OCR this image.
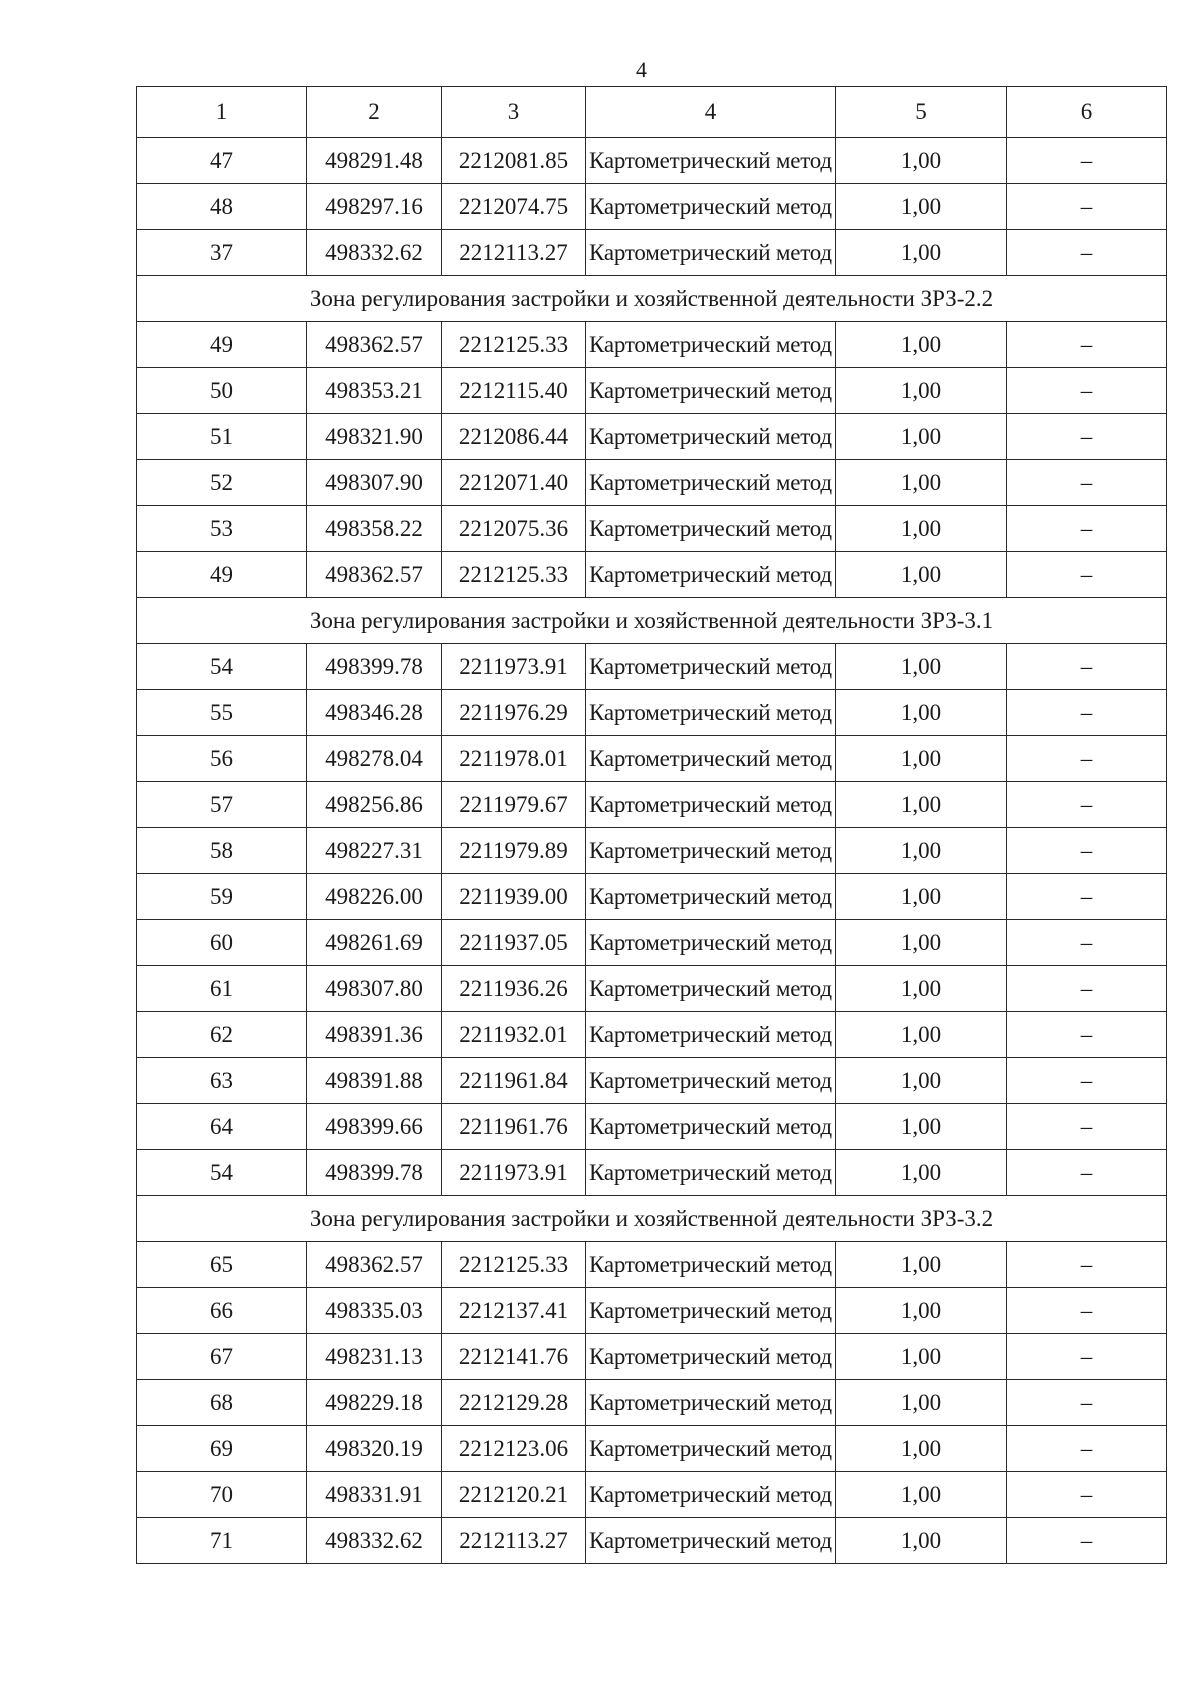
4
1	2	3	4	5	6
47	498291.48	2212081.85	Картометрический метод	1,00	–
48	498297.16	2212074.75	Картометрический метод	1,00	–
37	498332.62	2212113.27	Картометрический метод	1,00	–
Зона регулирования застройки и хозяйственной деятельности ЗРЗ-2.2					
49	498362.57	2212125.33	Картометрический метод	1,00	–
50	498353.21	2212115.40	Картометрический метод	1,00	–
51	498321.90	2212086.44	Картометрический метод	1,00	–
52	498307.90	2212071.40	Картометрический метод	1,00	–
53	498358.22	2212075.36	Картометрический метод	1,00	–
49	498362.57	2212125.33	Картометрический метод	1,00	–
Зона регулирования застройки и хозяйственной деятельности ЗРЗ-3.1					
54	498399.78	2211973.91	Картометрический метод	1,00	–
55	498346.28	2211976.29	Картометрический метод	1,00	–
56	498278.04	2211978.01	Картометрический метод	1,00	–
57	498256.86	2211979.67	Картометрический метод	1,00	–
58	498227.31	2211979.89	Картометрический метод	1,00	–
59	498226.00	2211939.00	Картометрический метод	1,00	–
60	498261.69	2211937.05	Картометрический метод	1,00	–
61	498307.80	2211936.26	Картометрический метод	1,00	–
62	498391.36	2211932.01	Картометрический метод	1,00	–
63	498391.88	2211961.84	Картометрический метод	1,00	–
64	498399.66	2211961.76	Картометрический метод	1,00	–
54	498399.78	2211973.91	Картометрический метод	1,00	–
Зона регулирования застройки и хозяйственной деятельности ЗРЗ-3.2					
65	498362.57	2212125.33	Картометрический метод	1,00	–
66	498335.03	2212137.41	Картометрический метод	1,00	–
67	498231.13	2212141.76	Картометрический метод	1,00	–
68	498229.18	2212129.28	Картометрический метод	1,00	–
69	498320.19	2212123.06	Картометрический метод	1,00	–
70	498331.91	2212120.21	Картометрический метод	1,00	–
71	498332.62	2212113.27	Картометрический метод	1,00	–
